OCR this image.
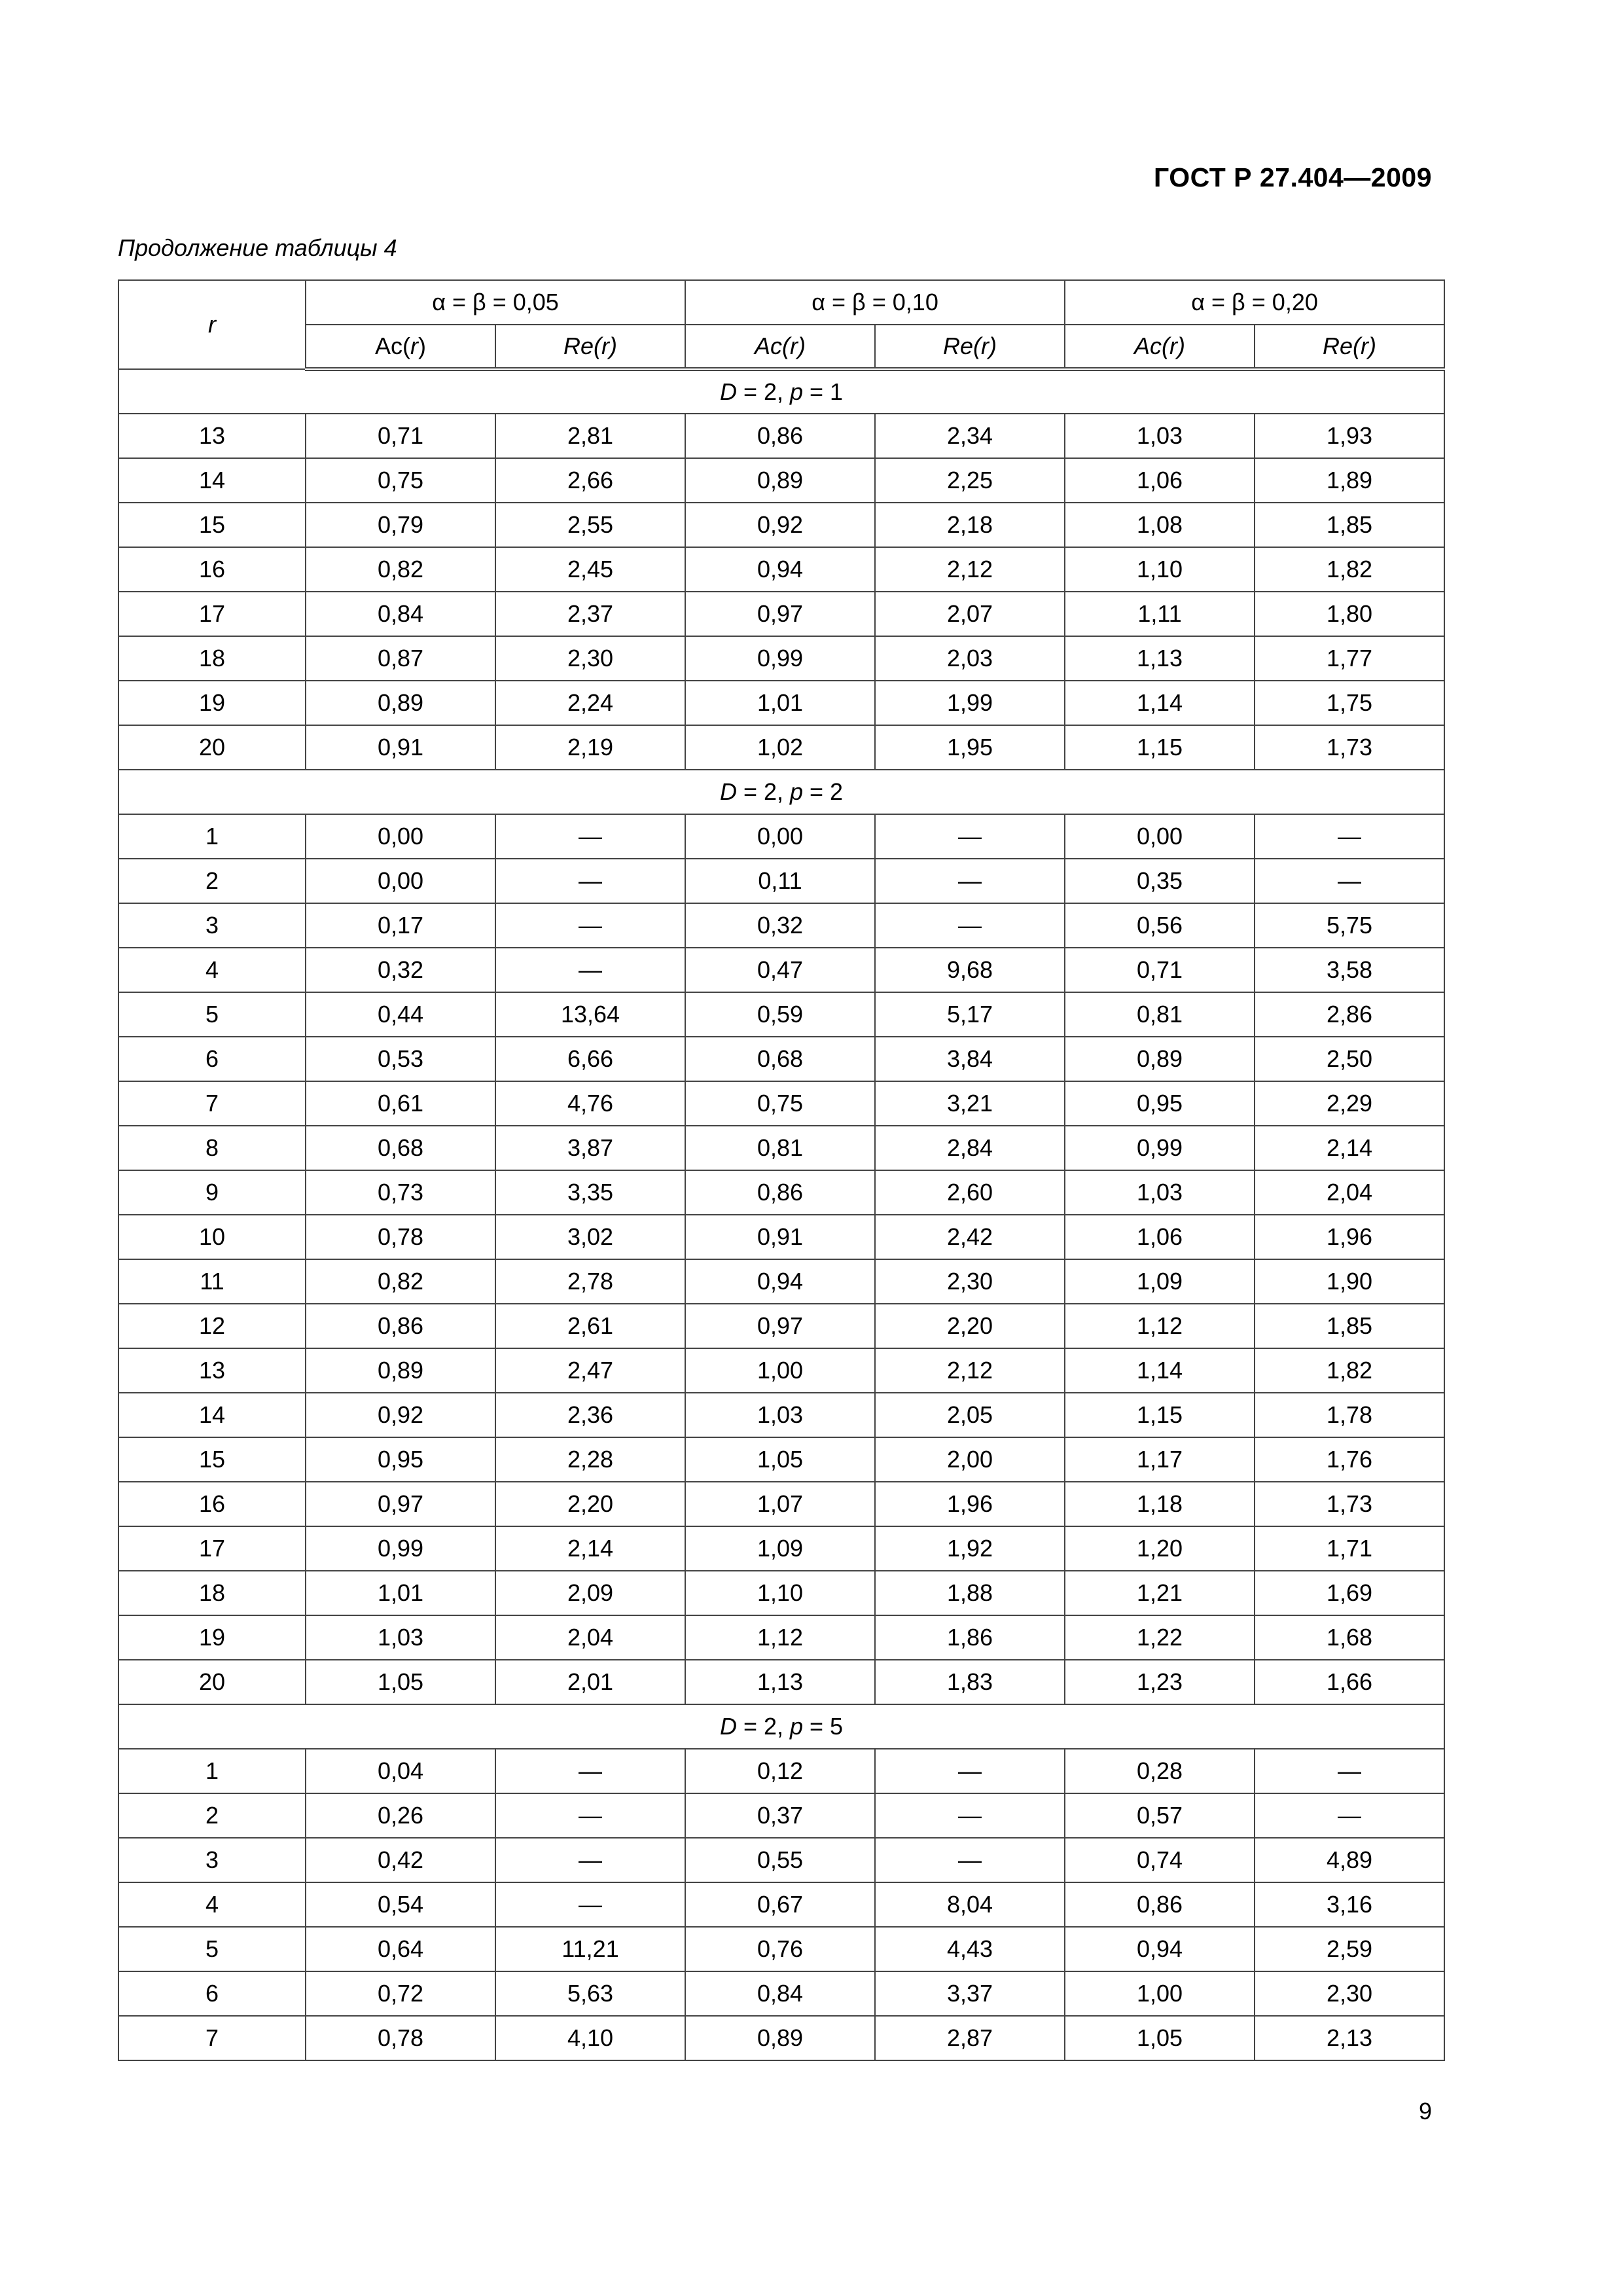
ГОСТ Р 27.404—2009
Продолжение таблицы 4
r	α = β = 0,05		α = β = 0,10		α = β = 0,20	
	Ac(r)	Re(r)	Ac(r)	Re(r)	Ac(r)	Re(r)
D = 2, p = 1						
13	0,71	2,81	0,86	2,34	1,03	1,93
14	0,75	2,66	0,89	2,25	1,06	1,89
15	0,79	2,55	0,92	2,18	1,08	1,85
16	0,82	2,45	0,94	2,12	1,10	1,82
17	0,84	2,37	0,97	2,07	1,11	1,80
18	0,87	2,30	0,99	2,03	1,13	1,77
19	0,89	2,24	1,01	1,99	1,14	1,75
20	0,91	2,19	1,02	1,95	1,15	1,73
D = 2, p = 2						
1	0,00	—	0,00	—	0,00	—
2	0,00	—	0,11	—	0,35	—
3	0,17	—	0,32	—	0,56	5,75
4	0,32	—	0,47	9,68	0,71	3,58
5	0,44	13,64	0,59	5,17	0,81	2,86
6	0,53	6,66	0,68	3,84	0,89	2,50
7	0,61	4,76	0,75	3,21	0,95	2,29
8	0,68	3,87	0,81	2,84	0,99	2,14
9	0,73	3,35	0,86	2,60	1,03	2,04
10	0,78	3,02	0,91	2,42	1,06	1,96
11	0,82	2,78	0,94	2,30	1,09	1,90
12	0,86	2,61	0,97	2,20	1,12	1,85
13	0,89	2,47	1,00	2,12	1,14	1,82
14	0,92	2,36	1,03	2,05	1,15	1,78
15	0,95	2,28	1,05	2,00	1,17	1,76
16	0,97	2,20	1,07	1,96	1,18	1,73
17	0,99	2,14	1,09	1,92	1,20	1,71
18	1,01	2,09	1,10	1,88	1,21	1,69
19	1,03	2,04	1,12	1,86	1,22	1,68
20	1,05	2,01	1,13	1,83	1,23	1,66
D = 2, p = 5						
1	0,04	—	0,12	—	0,28	—
2	0,26	—	0,37	—	0,57	—
3	0,42	—	0,55	—	0,74	4,89
4	0,54	—	0,67	8,04	0,86	3,16
5	0,64	11,21	0,76	4,43	0,94	2,59
6	0,72	5,63	0,84	3,37	1,00	2,30
7	0,78	4,10	0,89	2,87	1,05	2,13
9
